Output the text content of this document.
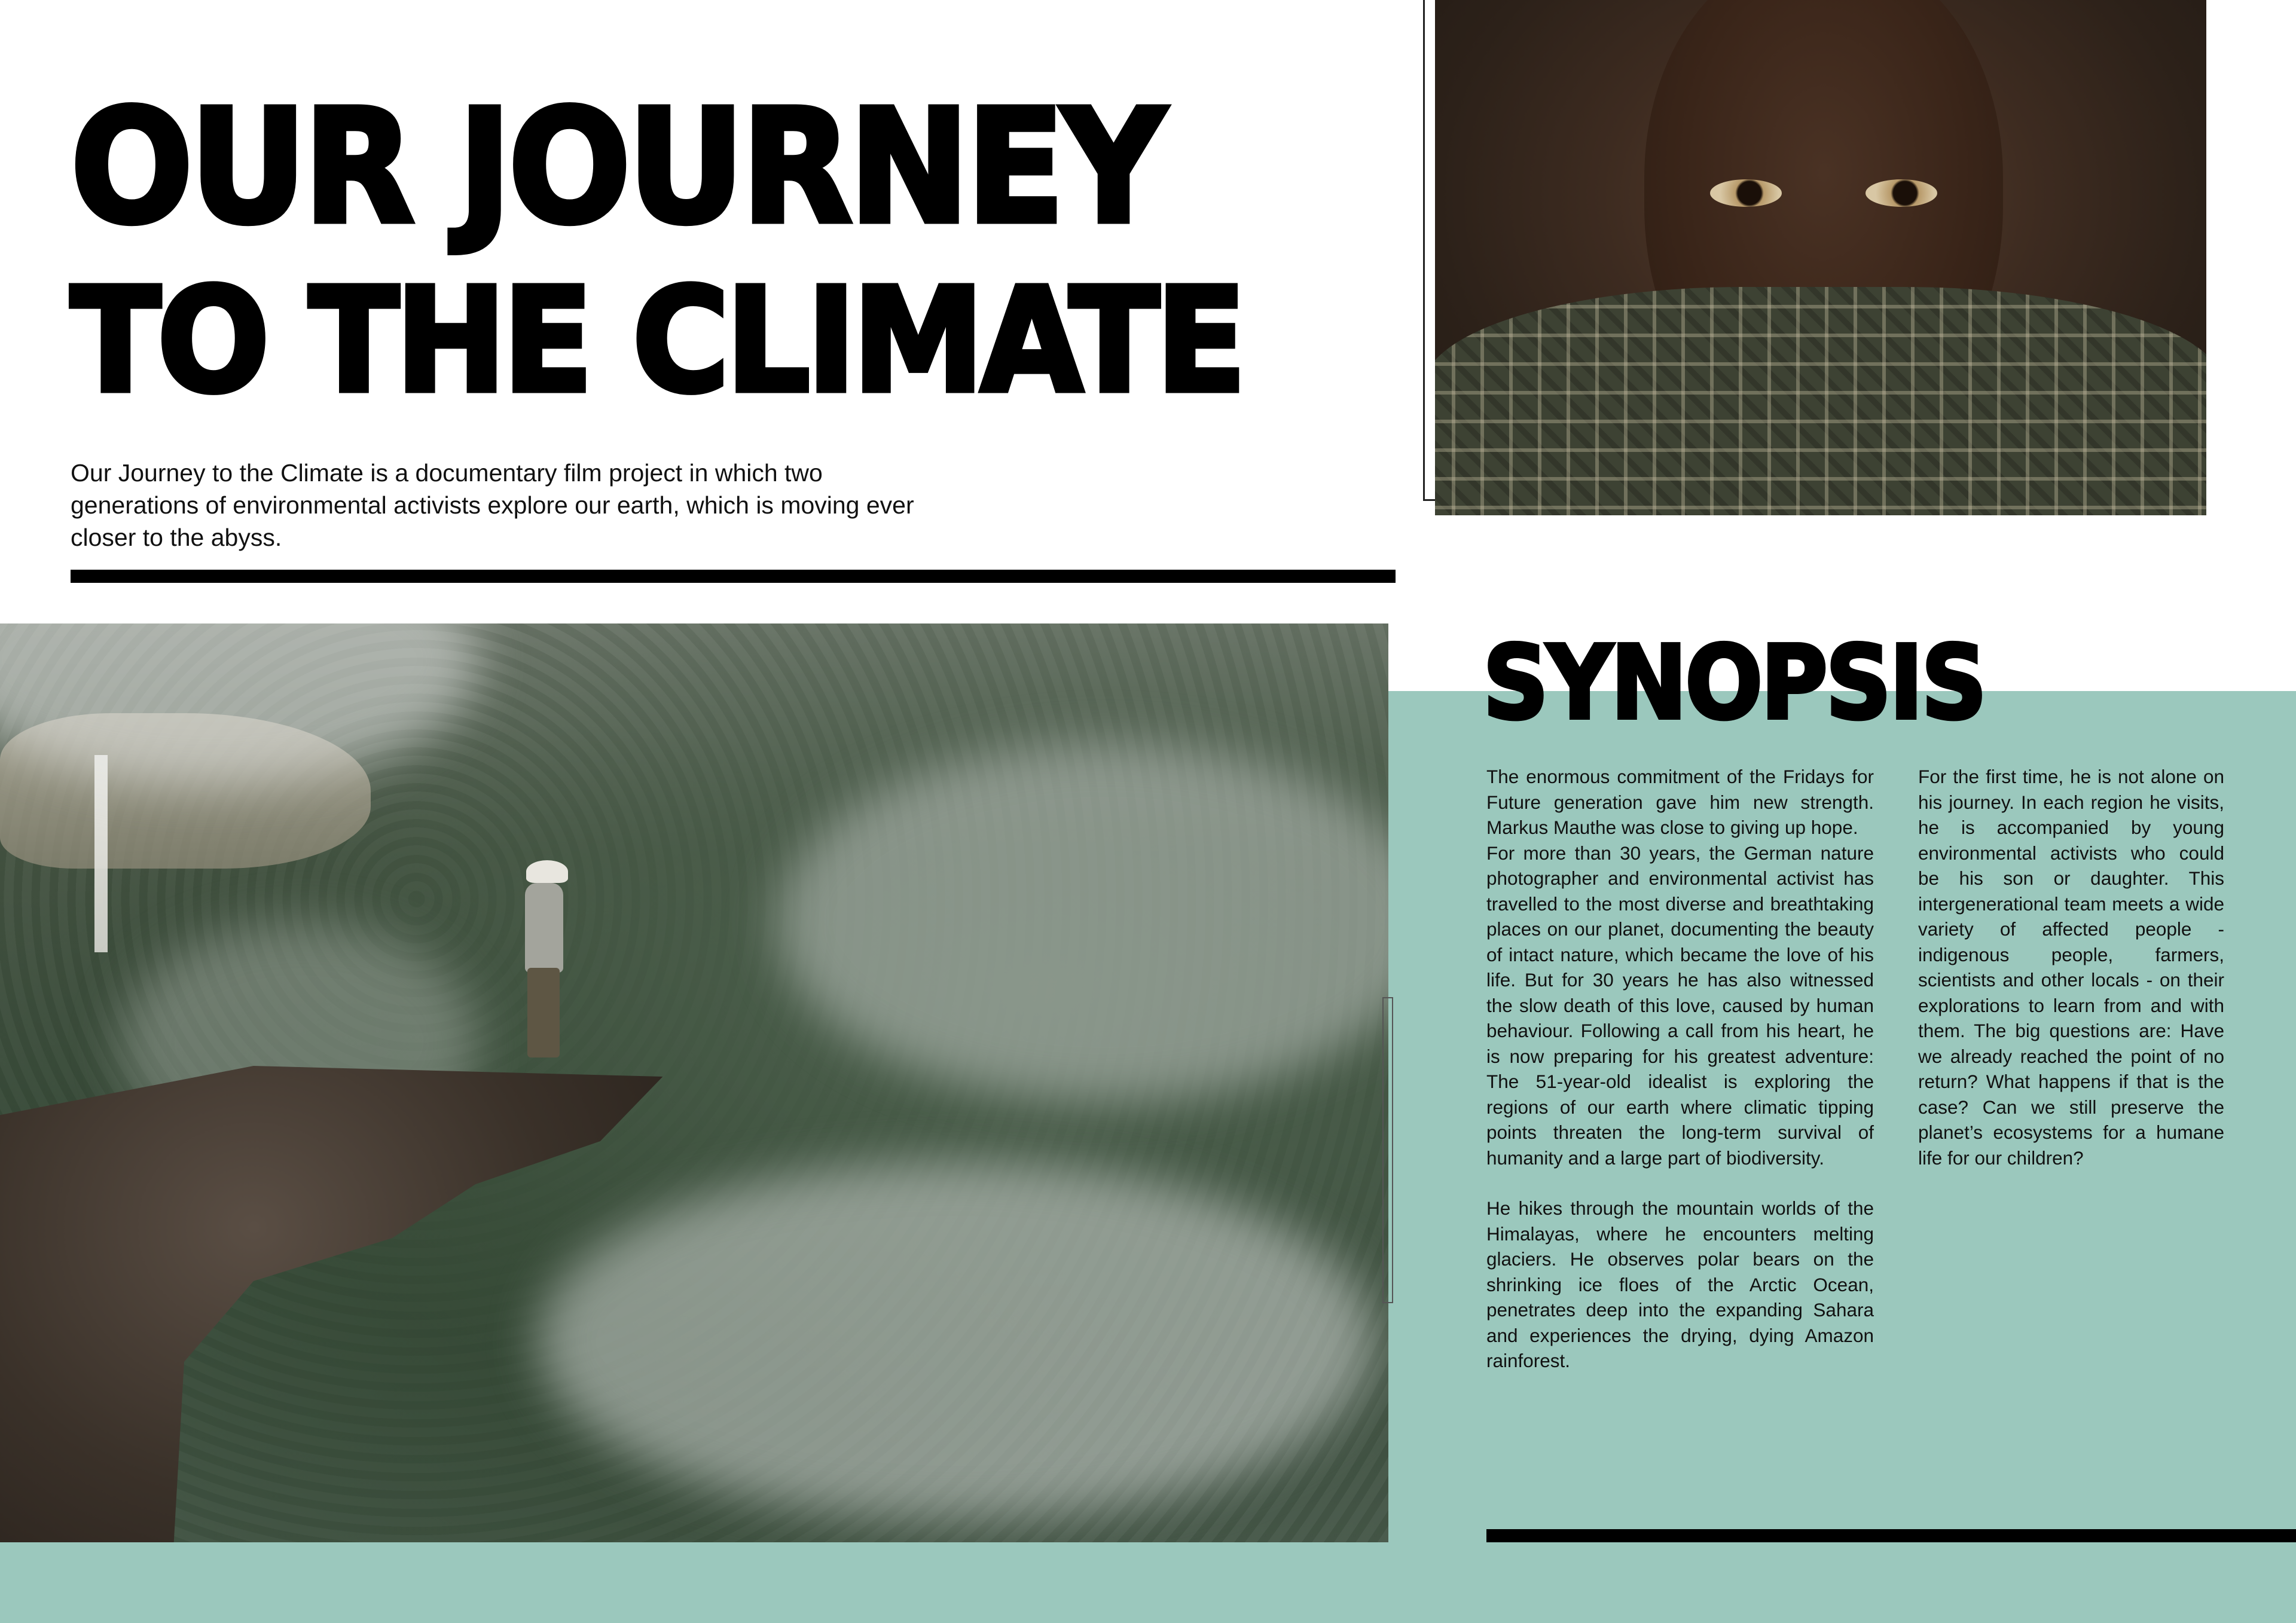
OUR JOURNEY
TO THE CLIMATE

Our Journey to the Climate is a documentary film project in which two generations of environmental activists explore our earth, which is moving ever closer to the abyss.

SYNOPSIS

The enormous commitment of the Fridays for Future generation gave him new strength. Markus Mauthe was close to giving up hope.

For more than 30 years, the German nature photographer and environmental activist has travelled to the most diverse and breathtaking places on our planet, documenting the beauty of intact nature, which became the love of his life. But for 30 years he has also witnessed the slow death of this love, caused by human behaviour. Following a call from his heart, he is now preparing for his greatest adventure: The 51-year-old idealist is exploring the regions of our earth where climatic tipping points threaten the long-term survival of humanity and a large part of biodiversity.

He hikes through the mountain worlds of the Himalayas, where he encounters melting glaciers. He observes polar bears on the shrinking ice floes of the Arctic Ocean, penetrates deep into the expanding Sahara and experiences the drying, dying Amazon rainforest.

For the first time, he is not alone on his journey. In each region he visits, he is accompanied by young environmental activists who could be his son or daughter. This intergenerational team meets a wide variety of affected people - indigenous people, farmers, scientists and other locals - on their explorations to learn from and with them. The big questions are: Have we already reached the point of no return? What happens if that is the case? Can we still preserve the planet’s ecosystems for a humane life for our children?
